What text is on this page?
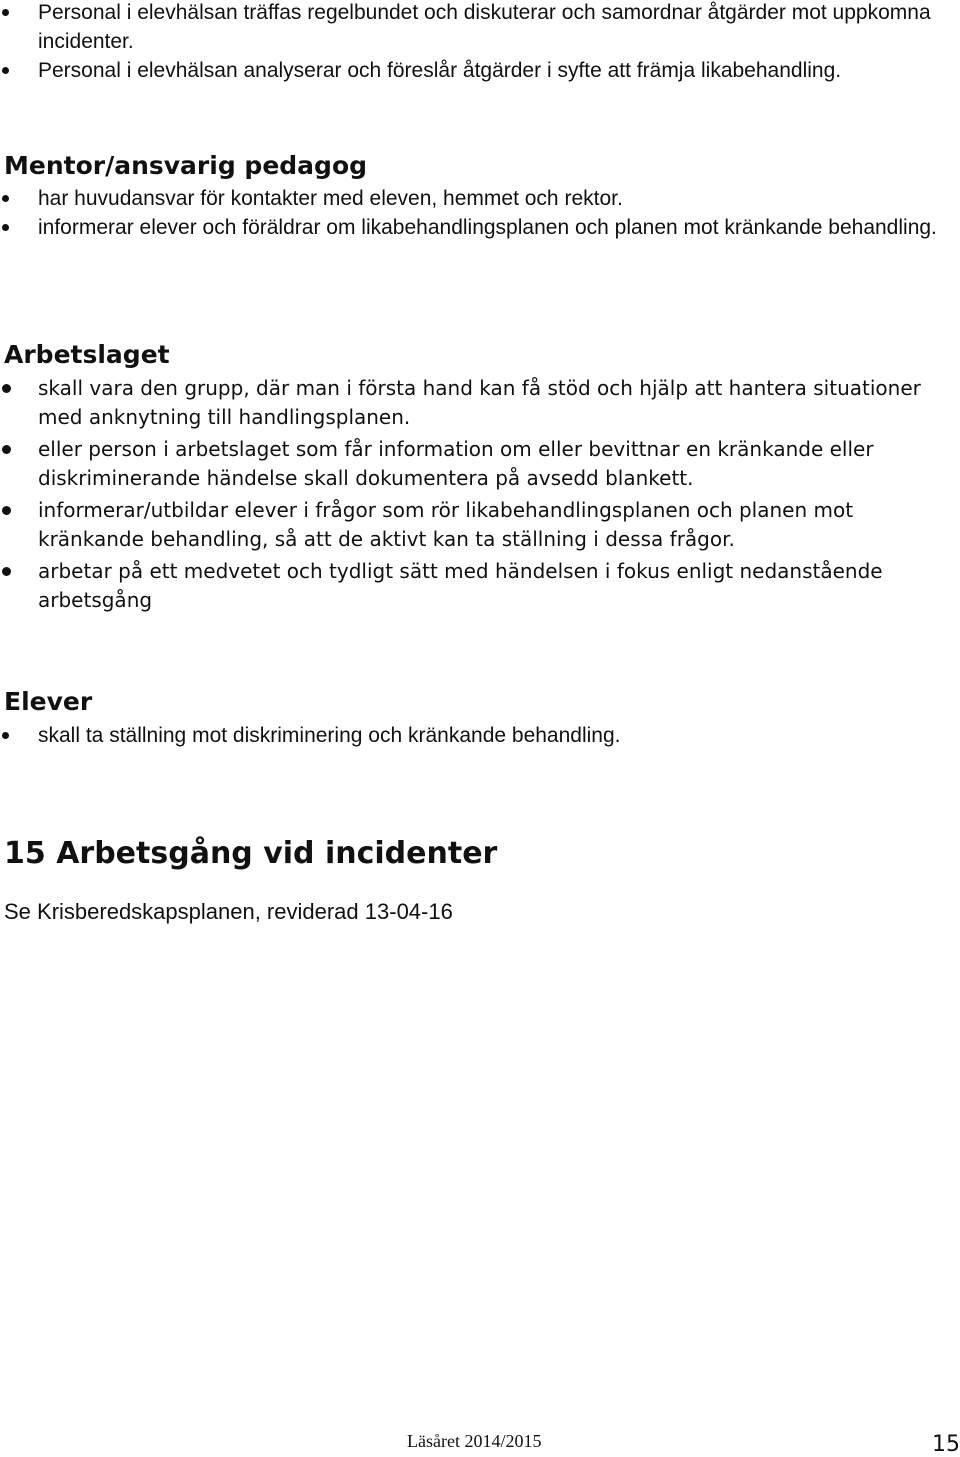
Personal i elevhälsan träffas regelbundet och diskuterar och samordnar åtgärder mot uppkomna incidenter.
Personal i elevhälsan analyserar och föreslår åtgärder i syfte att främja likabehandling.
Mentor/ansvarig pedagog
har huvudansvar för kontakter med eleven, hemmet och rektor.
informerar elever och föräldrar om likabehandlingsplanen och planen mot kränkande behandling.
Arbetslaget
skall vara den grupp, där man i första hand kan få stöd och hjälp att hantera situationer med anknytning till handlingsplanen.
eller person i arbetslaget som får information om eller bevittnar en kränkande eller diskriminerande händelse skall dokumentera på avsedd blankett.
informerar/utbildar elever i frågor som rör likabehandlingsplanen och planen mot kränkande behandling, så att de aktivt kan ta ställning i dessa frågor.
arbetar på ett medvetet och tydligt sätt med händelsen i fokus enligt nedanstående arbetsgång
Elever
skall ta ställning mot diskriminering och kränkande behandling.
15 Arbetsgång vid incidenter
Se Krisberedskapsplanen, reviderad 13-04-16
Läsåret 2014/2015	15
